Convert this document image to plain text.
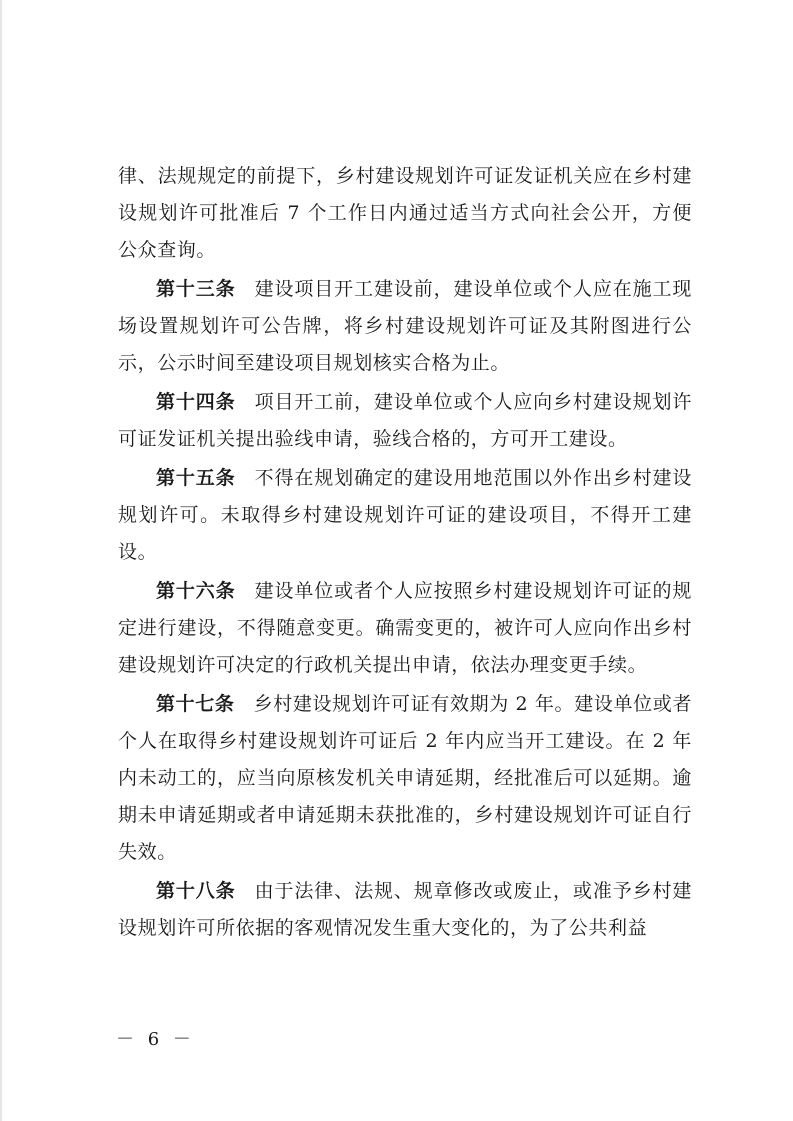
律、法规规定的前提下，乡村建设规划许可证发证机关应在乡村建设规划许可批准后 7 个工作日内通过适当方式向社会公开，方便公众查询。

第十三条 建设项目开工建设前，建设单位或个人应在施工现场设置规划许可公告牌，将乡村建设规划许可证及其附图进行公示，公示时间至建设项目规划核实合格为止。

第十四条 项目开工前，建设单位或个人应向乡村建设规划许可证发证机关提出验线申请，验线合格的，方可开工建设。

第十五条 不得在规划确定的建设用地范围以外作出乡村建设规划许可。未取得乡村建设规划许可证的建设项目，不得开工建设。

第十六条 建设单位或者个人应按照乡村建设规划许可证的规定进行建设，不得随意变更。确需变更的，被许可人应向作出乡村建设规划许可决定的行政机关提出申请，依法办理变更手续。

第十七条 乡村建设规划许可证有效期为 2 年。建设单位或者个人在取得乡村建设规划许可证后 2 年内应当开工建设。在 2 年内未动工的，应当向原核发机关申请延期，经批准后可以延期。逾期未申请延期或者申请延期未获批准的，乡村建设规划许可证自行失效。

第十八条 由于法律、法规、规章修改或废止，或准予乡村建设规划许可所依据的客观情况发生重大变化的，为了公共利益

－ 6 －
